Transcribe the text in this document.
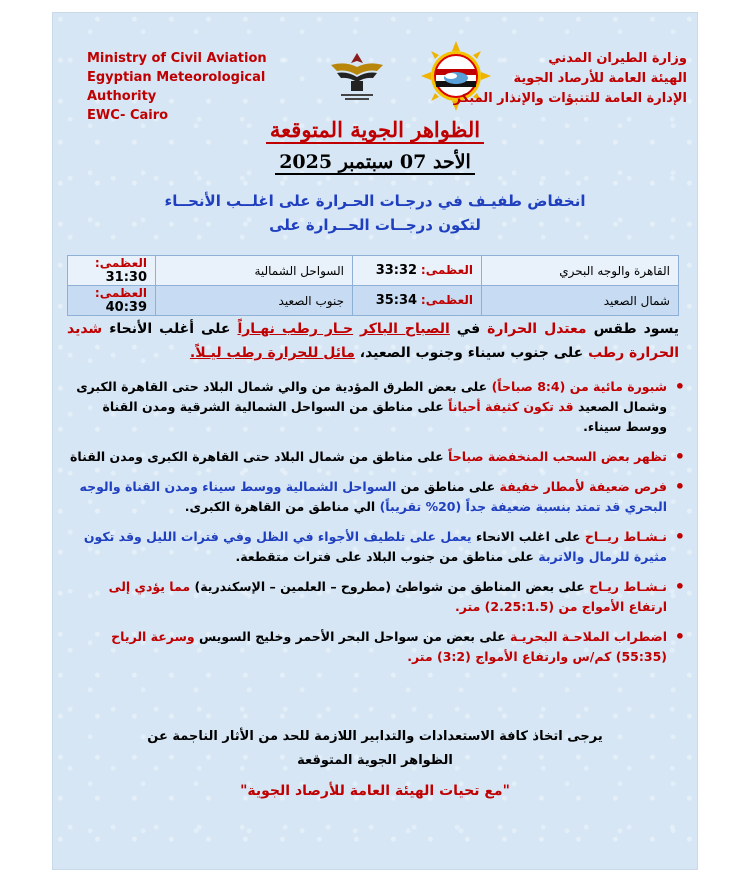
Ministry of Civil Aviation
Egyptian Meteorological Authority
EWC- Cairo
وزارة الطيران المدني
الهيئة العامة للأرصاد الجوية
الإدارة العامة للتنبؤات والإنذار المبكر
الظواهر الجوية المتوقعة
الأحد 07 سبتمبر 2025
انخفاض طفيـف في درجـات الحـرارة على اغلــب الأنحــاء
لتكون درجــات الحــرارة على
القاهرة والوجه البحري	العظمى: 33:32	السواحل الشمالية	العظمى: 31:30
شمال الصعيد	العظمى: 35:34	جنوب الصعيد	العظمى: 40:39
يسود طقس معتدل الحرارة في الصباح الباكر حـار رطب نهـاراً على أغلب الأنحاء شديد الحرارة رطب على جنوب سيناء وجنوب الصعيد، مائل للحرارة رطب ليـلاً.
• شبورة مائية من (8:4 صباحاً) على بعض الطرق المؤدية من والي شمال البلاد حتى القاهرة الكبرى وشمال الصعيد قد تكون كثيفة أحياناً على مناطق من السواحل الشمالية الشرقية ومدن القناة ووسط سيناء.
• تظهر بعض السحب المنخفضة صباحاً على مناطق من شمال البلاد حتى القاهرة الكبرى ومدن القناة
• فرص ضعيفة لأمطار خفيفة على مناطق من السواحل الشمالية ووسط سيناء ومدن القناة والوجه البحري قد تمتد بنسبة ضعيفة جداً (20% تقريباً) الي مناطق من القاهرة الكبرى.
• نـشـاط ريــاح على اغلب الانحاء يعمل على تلطيف الأجواء في الظل وفي فترات الليل وقد تكون مثيرة للرمال والاتربة على مناطق من جنوب البلاد على فترات متقطعة.
• نـشـاط ريـاح على بعض المناطق من شواطئ (مطروح – العلمين – الإسكندرية) مما يؤدي إلى ارتفاع الأمواج من (2.25:1.5) متر.
• اضطراب الملاحـة البحريـة على بعض من سواحل البحر الأحمر وخليج السويس وسرعة الرياح (55:35) كم/س وارتفاع الأمواج (3:2) متر.
يرجى اتخاذ كافة الاستعدادات والتدابير اللازمة للحد من الأثار الناجمة عن
الظواهر الجوية المتوقعة
"مع تحيات الهيئة العامة للأرصاد الجوية"
